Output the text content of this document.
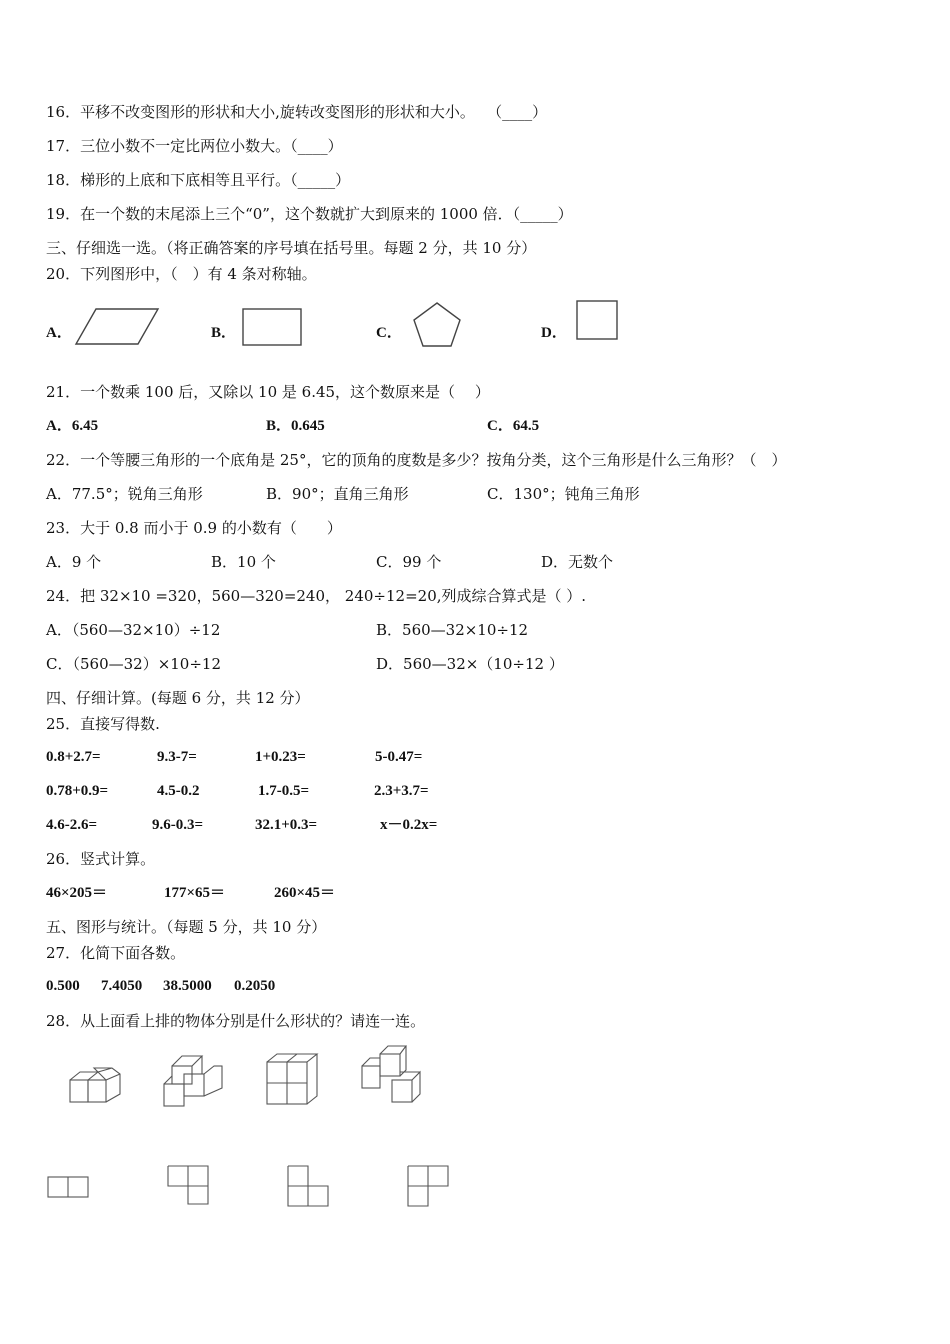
16．平移不改变图形的形状和大小,旋转改变图形的形状和大小。　 （____）
17．三位小数不一定比两位小数大。（____）
18．梯形的上底和下底相等且平行。（_____）
19．在一个数的末尾添上三个“0”，这个数就扩大到原来的 1000 倍．（_____）
三、仔细选一选。（将正确答案的序号填在括号里。每题 2 分，共 10 分）
20．下列图形中，（　）有 4 条对称轴。
A．	B．	C．	D．
21．一个数乘 100 后，又除以 10 是 6.45，这个数原来是（　 ）
A．6.45	B．0.645	C．64.5
22．一个等腰三角形的一个底角是 25°，它的顶角的度数是多少？按角分类，这个三角形是什么三角形？（　）
A．77.5°；锐角三角形	B．90°；直角三角形	C．130°；钝角三角形
23．大于 0.8 而小于 0.9 的小数有（　　）
A．9 个	B．10 个	C．99 个	D．无数个
24．把 32×10 =320，560—320=240， 240÷12=20,列成综合算式是（ ）.
A．（560—32×10）÷12	B．560—32×10÷12
C．（560—32）×10÷12	D．560—32×（10÷12 ）
四、仔细计算。(每题 6 分，共 12 分）
25．直接写得数.
0.8+2.7=	9.3-7=	1+0.23=	5-0.47=
0.78+0.9=	4.5-0.2	1.7-0.5=	2.3+3.7=
4.6-2.6=	9.6-0.3=	32.1+0.3=	x－0.2x=
26．竖式计算。
46×205＝	177×65＝	260×45＝
五、图形与统计。（每题 5 分，共 10 分）
27．化简下面各数。
0.500 7.4050 38.5000 0.2050
28．从上面看上排的物体分别是什么形状的？请连一连。
